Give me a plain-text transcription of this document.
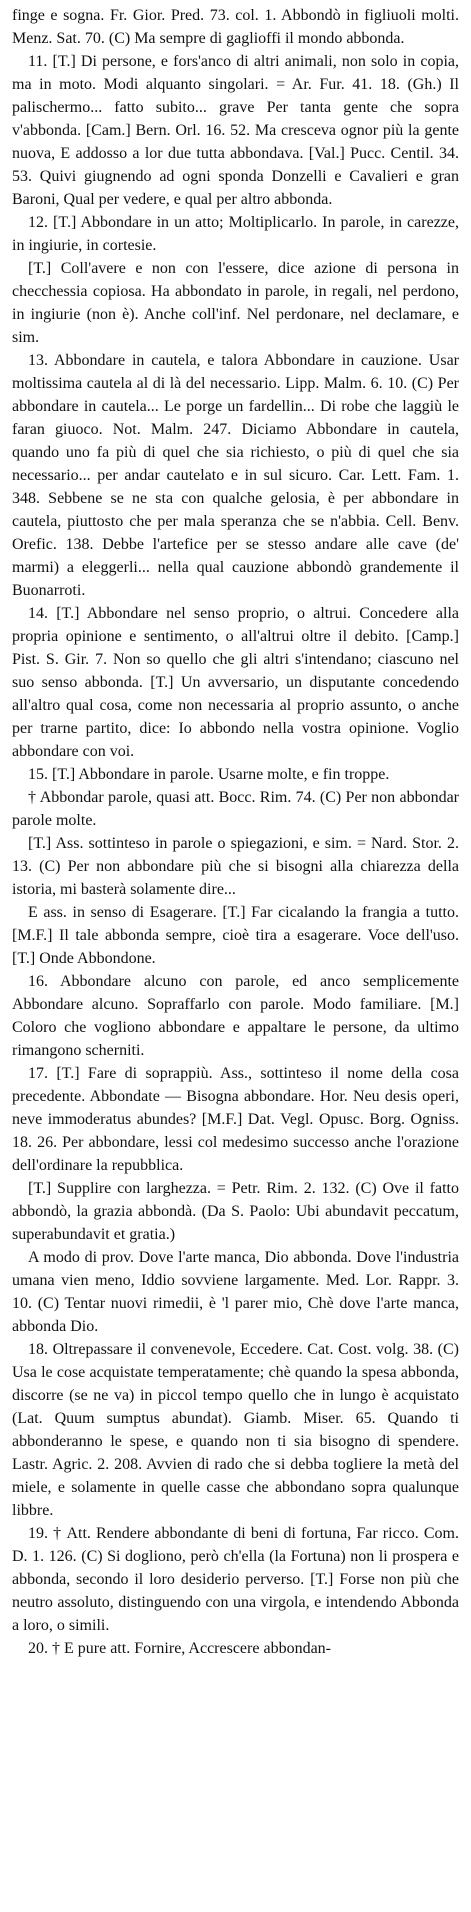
finge e sogna. Fr. Gior. Pred. 73. col. 1. Abbondò in figliuoli molti. Menz. Sat. 70. (C) Ma sempre di gaglioffi il mondo abbonda.

11. [T.] Di persone, e fors'anco di altri animali, non solo in copia, ma in moto. Modi alquanto singolari. = Ar. Fur. 41. 18. (Gh.) Il palischermo... fatto subito... grave Per tanta gente che sopra v'abbonda. [Cam.] Bern. Orl. 16. 52. Ma cresceva ognor più la gente nuova, E addosso a lor due tutta abbondava. [Val.] Pucc. Centil. 34. 53. Quivi giugnendo ad ogni sponda Donzelli e Cavalieri e gran Baroni, Qual per vedere, e qual per altro abbonda.

12. [T.] Abbondare in un atto; Moltiplicarlo. In parole, in carezze, in ingiurie, in cortesie.

[T.] Coll'avere e non con l'essere, dice azione di persona in checchessia copiosa. Ha abbondato in parole, in regali, nel perdono, in ingiurie (non è). Anche coll'inf. Nel perdonare, nel declamare, e sim.

13. Abbondare in cautela, e talora Abbondare in cauzione. Usar moltissima cautela al di là del necessario. Lipp. Malm. 6. 10. (C) Per abbondare in cautela... Le porge un fardellin... Di robe che laggiù le faran giuoco. Not. Malm. 247. Diciamo Abbondare in cautela, quando uno fa più di quel che sia richiesto, o più di quel che sia necessario... per andar cautelato e in sul sicuro. Car. Lett. Fam. 1. 348. Sebbene se ne sta con qualche gelosia, è per abbondare in cautela, piuttosto che per mala speranza che se n'abbia. Cell. Benv. Orefic. 138. Debbe l'artefice per se stesso andare alle cave (de' marmi) a eleggerli... nella qual cauzione abbondò grandemente il Buonarroti.

14. [T.] Abbondare nel senso proprio, o altrui. Concedere alla propria opinione e sentimento, o all'altrui oltre il debito. [Camp.] Pist. S. Gir. 7. Non so quello che gli altri s'intendano; ciascuno nel suo senso abbonda. [T.] Un avversario, un disputante concedendo all'altro qual cosa, come non necessaria al proprio assunto, o anche per trarne partito, dice: Io abbondo nella vostra opinione. Voglio abbondare con voi.

15. [T.] Abbondare in parole. Usarne molte, e fin troppe.

† Abbondar parole, quasi att. Bocc. Rim. 74. (C) Per non abbondar parole molte.

[T.] Ass. sottinteso in parole o spiegazioni, e sim. = Nard. Stor. 2. 13. (C) Per non abbondare più che si bisogni alla chiarezza della istoria, mi basterà solamente dire...

E ass. in senso di Esagerare. [T.] Far cicalando la frangia a tutto. [M.F.] Il tale abbonda sempre, cioè tira a esagerare. Voce dell'uso. [T.] Onde Abbondone.

16. Abbondare alcuno con parole, ed anco semplicemente Abbondare alcuno. Sopraffarlo con parole. Modo familiare. [M.] Coloro che vogliono abbondare e appaltare le persone, da ultimo rimangono scherniti.

17. [T.] Fare di soprappiù. Ass., sottinteso il nome della cosa precedente. Abbondate — Bisogna abbondare. Hor. Neu desis operi, neve immoderatus abundes? [M.F.] Dat. Vegl. Opusc. Borg. Ogniss. 18. 26. Per abbondare, lessi col medesimo successo anche l'orazione dell'ordinare la repubblica.

[T.] Supplire con larghezza. = Petr. Rim. 2. 132. (C) Ove il fatto abbondò, la grazia abbondà. (Da S. Paolo: Ubi abundavit peccatum, superabundavit et gratia.)

A modo di prov. Dove l'arte manca, Dio abbonda. Dove l'industria umana vien meno, Iddio sovviene largamente. Med. Lor. Rappr. 3. 10. (C) Tentar nuovi rimedii, è 'l parer mio, Chè dove l'arte manca, abbonda Dio.

18. Oltrepassare il convenevole, Eccedere. Cat. Cost. volg. 38. (C) Usa le cose acquistate temperatamente; chè quando la spesa abbonda, discorre (se ne va) in piccol tempo quello che in lungo è acquistato (Lat. Quum sumptus abundat). Giamb. Miser. 65. Quando ti abbonderanno le spese, e quando non ti sia bisogno di spendere. Lastr. Agric. 2. 208. Avvien di rado che si debba togliere la metà del miele, e solamente in quelle casse che abbondano sopra qualunque libbre.

19. † Att. Rendere abbondante di beni di fortuna, Far ricco. Com. D. 1. 126. (C) Si dogliono, però ch'ella (la Fortuna) non li prospera e abbonda, secondo il loro desiderio perverso. [T.] Forse non più che neutro assoluto, distinguendo con una virgola, e intendendo Abbonda a loro, o simili.

20. † E pure att. Fornire, Accrescere abbondan-
